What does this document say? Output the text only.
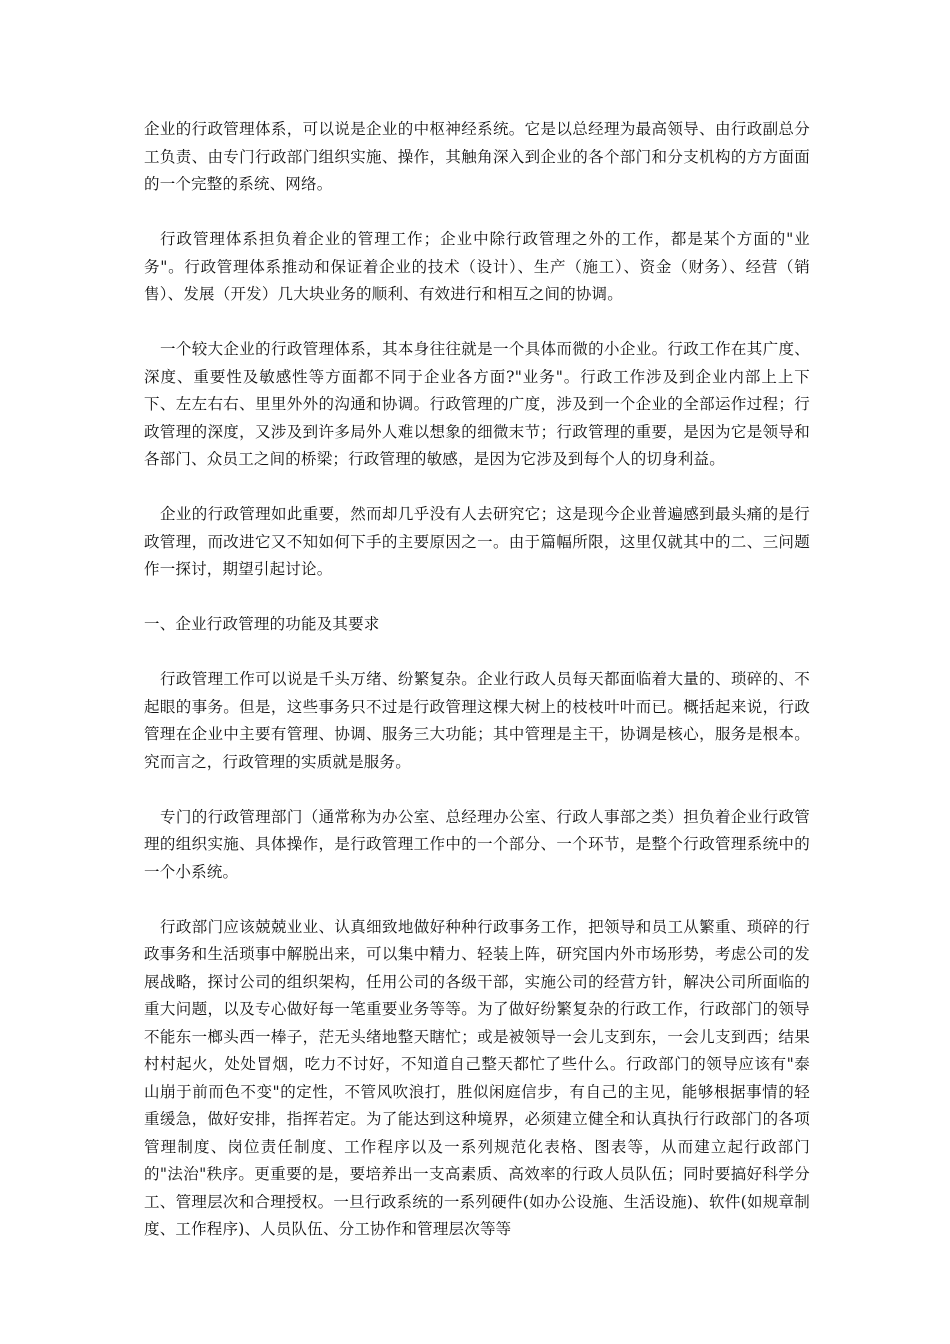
企业的行政管理体系，可以说是企业的中枢神经系统。它是以总经理为最高领导、由行政副总分工负责、由专门行政部门组织实施、操作，其触角深入到企业的各个部门和分支机构的方方面面的一个完整的系统、网络。

行政管理体系担负着企业的管理工作；企业中除行政管理之外的工作，都是某个方面的"业务"。行政管理体系推动和保证着企业的技术（设计）、生产（施工）、资金（财务）、经营（销售）、发展（开发）几大块业务的顺利、有效进行和相互之间的协调。

一个较大企业的行政管理体系，其本身往往就是一个具体而微的小企业。行政工作在其广度、深度、重要性及敏感性等方面都不同于企业各方面?"业务"。行政工作涉及到企业内部上上下下、左左右右、里里外外的沟通和协调。行政管理的广度，涉及到一个企业的全部运作过程；行政管理的深度，又涉及到许多局外人难以想象的细微末节；行政管理的重要，是因为它是领导和各部门、众员工之间的桥梁；行政管理的敏感，是因为它涉及到每个人的切身利益。

企业的行政管理如此重要，然而却几乎没有人去研究它；这是现今企业普遍感到最头痛的是行政管理，而改进它又不知如何下手的主要原因之一。由于篇幅所限，这里仅就其中的二、三问题作一探讨，期望引起讨论。

一、企业行政管理的功能及其要求

行政管理工作可以说是千头万绪、纷繁复杂。企业行政人员每天都面临着大量的、琐碎的、不起眼的事务。但是，这些事务只不过是行政管理这棵大树上的枝枝叶叶而已。概括起来说，行政管理在企业中主要有管理、协调、服务三大功能；其中管理是主干，协调是核心，服务是根本。究而言之，行政管理的实质就是服务。

专门的行政管理部门（通常称为办公室、总经理办公室、行政人事部之类）担负着企业行政管理的组织实施、具体操作，是行政管理工作中的一个部分、一个环节，是整个行政管理系统中的一个小系统。

行政部门应该兢兢业业、认真细致地做好种种行政事务工作，把领导和员工从繁重、琐碎的行政事务和生活琐事中解脱出来，可以集中精力、轻装上阵，研究国内外市场形势，考虑公司的发展战略，探讨公司的组织架构，任用公司的各级干部，实施公司的经营方针，解决公司所面临的重大问题，以及专心做好每一笔重要业务等等。为了做好纷繁复杂的行政工作，行政部门的领导不能东一榔头西一棒子，茫无头绪地整天瞎忙；或是被领导一会儿支到东，一会儿支到西；结果村村起火，处处冒烟，吃力不讨好，不知道自己整天都忙了些什么。行政部门的领导应该有"泰山崩于前而色不变"的定性，不管风吹浪打，胜似闲庭信步，有自己的主见，能够根据事情的轻重缓急，做好安排，指挥若定。为了能达到这种境界，必须建立健全和认真执行行政部门的各项管理制度、岗位责任制度、工作程序以及一系列规范化表格、图表等，从而建立起行政部门的"法治"秩序。更重要的是，要培养出一支高素质、高效率的行政人员队伍；同时要搞好科学分工、管理层次和合理授权。一旦行政系统的一系列硬件(如办公设施、生活设施)、软件(如规章制度、工作程序)、人员队伍、分工协作和管理层次等等
